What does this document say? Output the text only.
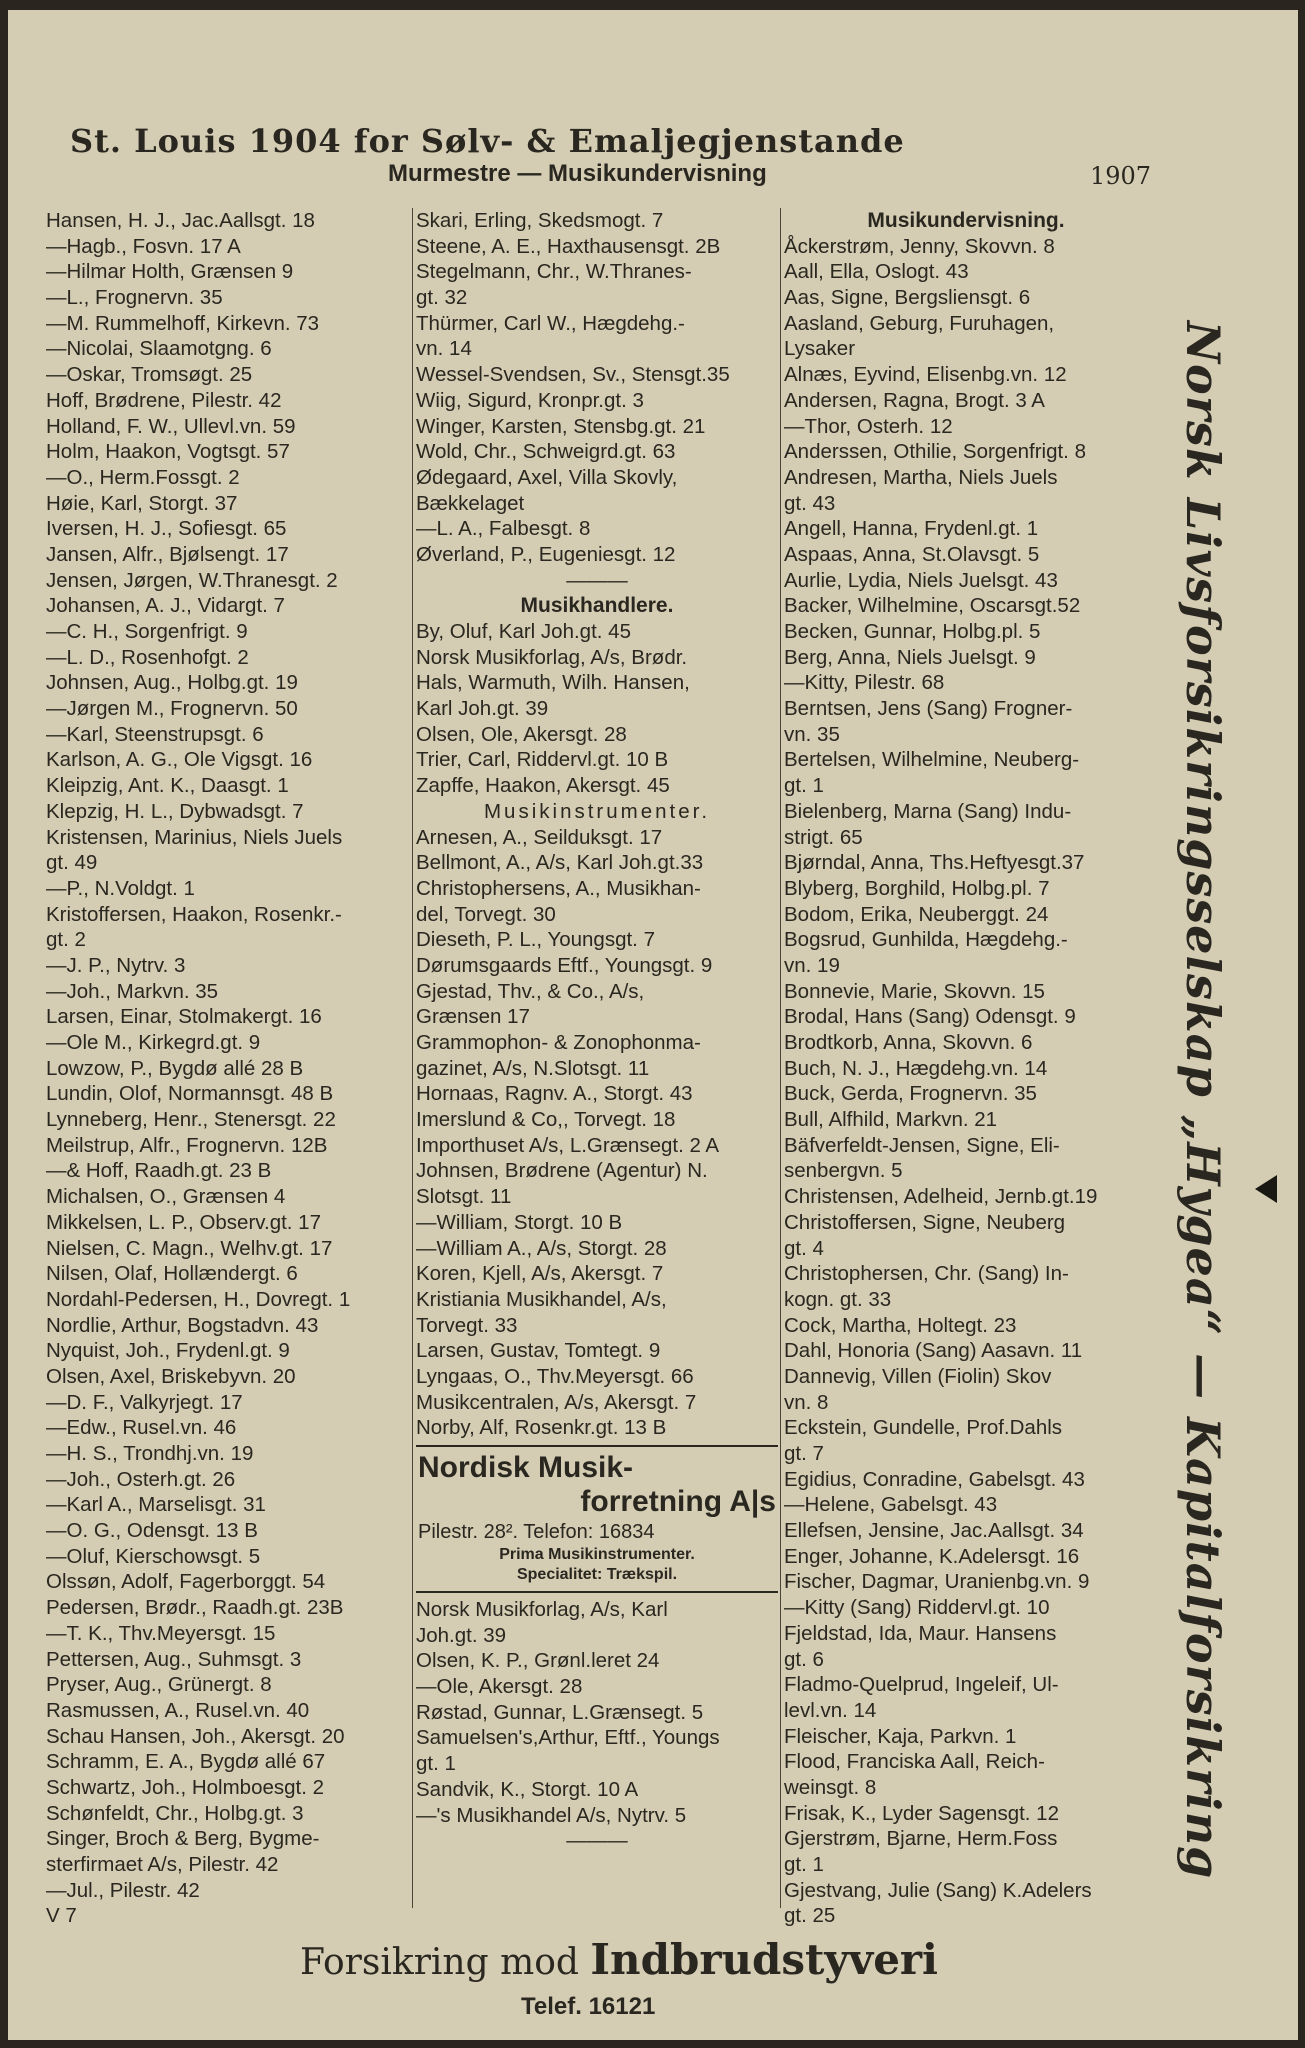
St. Louis 1904 for Sølv- & Emaljegjenstande
Murmestre — Musikundervisning	1907
Hansen, H. J., Jac.Aallsgt. 18
—Hagb., Fosvn. 17 A
—Hilmar Holth, Grænsen 9
—L., Frognervn. 35
—M. Rummelhoff, Kirkevn. 73
—Nicolai, Slaamotgng. 6
—Oskar, Tromsøgt. 25
Hoff, Brødrene, Pilestr. 42
Holland, F. W., Ullevl.vn. 59
Holm, Haakon, Vogtsgt. 57
—O., Herm.Fossgt. 2
Høie, Karl, Storgt. 37
Iversen, H. J., Sofiesgt. 65
Jansen, Alfr., Bjølsengt. 17
Jensen, Jørgen, W.Thranesgt. 2
Johansen, A. J., Vidargt. 7
—C. H., Sorgenfrigt. 9
—L. D., Rosenhofgt. 2
Johnsen, Aug., Holbg.gt. 19
—Jørgen M., Frognervn. 50
—Karl, Steenstrupsgt. 6
Karlson, A. G., Ole Vigsgt. 16
Kleipzig, Ant. K., Daasgt. 1
Klepzig, H. L., Dybwadsgt. 7
Kristensen, Marinius, Niels Juels
gt. 49
—P., N.Voldgt. 1
Kristoffersen, Haakon, Rosenkr.-
gt. 2
—J. P., Nytrv. 3
—Joh., Markvn. 35
Larsen, Einar, Stolmakergt. 16
—Ole M., Kirkegrd.gt. 9
Lowzow, P., Bygdø allé 28 B
Lundin, Olof, Normannsgt. 48 B
Lynneberg, Henr., Stenersgt. 22
Meilstrup, Alfr., Frognervn. 12B
—& Hoff, Raadh.gt. 23 B
Michalsen, O., Grænsen 4
Mikkelsen, L. P., Observ.gt. 17
Nielsen, C. Magn., Welhv.gt. 17
Nilsen, Olaf, Hollændergt. 6
Nordahl-Pedersen, H., Dovregt. 1
Nordlie, Arthur, Bogstadvn. 43
Nyquist, Joh., Frydenl.gt. 9
Olsen, Axel, Briskebyvn. 20
—D. F., Valkyrjegt. 17
—Edw., Rusel.vn. 46
—H. S., Trondhj.vn. 19
—Joh., Osterh.gt. 26
—Karl A., Marselisgt. 31
—O. G., Odensgt. 13 B
—Oluf, Kierschowsgt. 5
Olssøn, Adolf, Fagerborggt. 54
Pedersen, Brødr., Raadh.gt. 23B
—T. K., Thv.Meyersgt. 15
Pettersen, Aug., Suhmsgt. 3
Pryser, Aug., Grünergt. 8
Rasmussen, A., Rusel.vn. 40
Schau Hansen, Joh., Akersgt. 20
Schramm, E. A., Bygdø allé 67
Schwartz, Joh., Holmboesgt. 2
Schønfeldt, Chr., Holbg.gt. 3
Singer, Broch & Berg, Bygme-
sterfirmaet A/s, Pilestr. 42
—Jul., Pilestr. 42
V 7
Skari, Erling, Skedsmogt. 7
Steene, A. E., Haxthausensgt. 2B
Stegelmann, Chr., W.Thranes-
gt. 32
Thürmer, Carl W., Hægdehg.-
vn. 14
Wessel-Svendsen, Sv., Stensgt.35
Wiig, Sigurd, Kronpr.gt. 3
Winger, Karsten, Stensbg.gt. 21
Wold, Chr., Schweigrd.gt. 63
Ødegaard, Axel, Villa Skovly,
Bækkelaget
—L. A., Falbesgt. 8
Øverland, P., Eugeniesgt. 12
———
Musikhandlere.
By, Oluf, Karl Joh.gt. 45
Norsk Musikforlag, A/s, Brødr.
Hals, Warmuth, Wilh. Hansen,
Karl Joh.gt. 39
Olsen, Ole, Akersgt. 28
Trier, Carl, Riddervl.gt. 10 B
Zapffe, Haakon, Akersgt. 45
Musikinstrumenter.
Arnesen, A., Seilduksgt. 17
Bellmont, A., A/s, Karl Joh.gt.33
Christophersens, A., Musikhan-
del, Torvegt. 30
Dieseth, P. L., Youngsgt. 7
Dørumsgaards Eftf., Youngsgt. 9
Gjestad, Thv., & Co., A/s,
Grænsen 17
Grammophon- & Zonophonma-
gazinet, A/s, N.Slotsgt. 11
Hornaas, Ragnv. A., Storgt. 43
Imerslund & Co,, Torvegt. 18
Importhuset A/s, L.Grænsegt. 2 A
Johnsen, Brødrene (Agentur) N.
Slotsgt. 11
—William, Storgt. 10 B
—William A., A/s, Storgt. 28
Koren, Kjell, A/s, Akersgt. 7
Kristiania Musikhandel, A/s,
Torvegt. 33
Larsen, Gustav, Tomtegt. 9
Lyngaas, O., Thv.Meyersgt. 66
Musikcentralen, A/s, Akersgt. 7
Norby, Alf, Rosenkr.gt. 13 B
Nordisk Musik-
forretning A|s
Pilestr. 28². Telefon: 16834
Prima Musikinstrumenter.
Specialitet: Trækspil.
Norsk Musikforlag, A/s, Karl
Joh.gt. 39
Olsen, K. P., Grønl.leret 24
—Ole, Akersgt. 28
Røstad, Gunnar, L.Grænsegt. 5
Samuelsen's,Arthur, Eftf., Youngs
gt. 1
Sandvik, K., Storgt. 10 A
—'s Musikhandel A/s, Nytrv. 5
———
Musikundervisning.
Åckerstrøm, Jenny, Skovvn. 8
Aall, Ella, Oslogt. 43
Aas, Signe, Bergsliensgt. 6
Aasland, Geburg, Furuhagen,
Lysaker
Alnæs, Eyvind, Elisenbg.vn. 12
Andersen, Ragna, Brogt. 3 A
—Thor, Osterh. 12
Anderssen, Othilie, Sorgenfrigt. 8
Andresen, Martha, Niels Juels
gt. 43
Angell, Hanna, Frydenl.gt. 1
Aspaas, Anna, St.Olavsgt. 5
Aurlie, Lydia, Niels Juelsgt. 43
Backer, Wilhelmine, Oscarsgt.52
Becken, Gunnar, Holbg.pl. 5
Berg, Anna, Niels Juelsgt. 9
—Kitty, Pilestr. 68
Berntsen, Jens (Sang) Frogner-
vn. 35
Bertelsen, Wilhelmine, Neuberg-
gt. 1
Bielenberg, Marna (Sang) Indu-
strigt. 65
Bjørndal, Anna, Ths.Heftyesgt.37
Blyberg, Borghild, Holbg.pl. 7
Bodom, Erika, Neuberggt. 24
Bogsrud, Gunhilda, Hægdehg.-
vn. 19
Bonnevie, Marie, Skovvn. 15
Brodal, Hans (Sang) Odensgt. 9
Brodtkorb, Anna, Skovvn. 6
Buch, N. J., Hægdehg.vn. 14
Buck, Gerda, Frognervn. 35
Bull, Alfhild, Markvn. 21
Bäfverfeldt-Jensen, Signe, Eli-
senbergvn. 5
Christensen, Adelheid, Jernb.gt.19
Christoffersen, Signe, Neuberg
gt. 4
Christophersen, Chr. (Sang) In-
kogn. gt. 33
Cock, Martha, Holtegt. 23
Dahl, Honoria (Sang) Aasavn. 11
Dannevig, Villen (Fiolin) Skov
vn. 8
Eckstein, Gundelle, Prof.Dahls
gt. 7
Egidius, Conradine, Gabelsgt. 43
—Helene, Gabelsgt. 43
Ellefsen, Jensine, Jac.Aallsgt. 34
Enger, Johanne, K.Adelersgt. 16
Fischer, Dagmar, Uranienbg.vn. 9
—Kitty (Sang) Riddervl.gt. 10
Fjeldstad, Ida, Maur. Hansens
gt. 6
Fladmo-Quelprud, Ingeleif, Ul-
levl.vn. 14
Fleischer, Kaja, Parkvn. 1
Flood, Franciska Aall, Reich-
weinsgt. 8
Frisak, K., Lyder Sagensgt. 12
Gjerstrøm, Bjarne, Herm.Foss
gt. 1
Gjestvang, Julie (Sang) K.Adelers
gt. 25
Norsk Livsforsikringsselskap „Hygea“ — Kapitalforsikring
Forsikring mod Indbrudstyveri
Telef. 16121
